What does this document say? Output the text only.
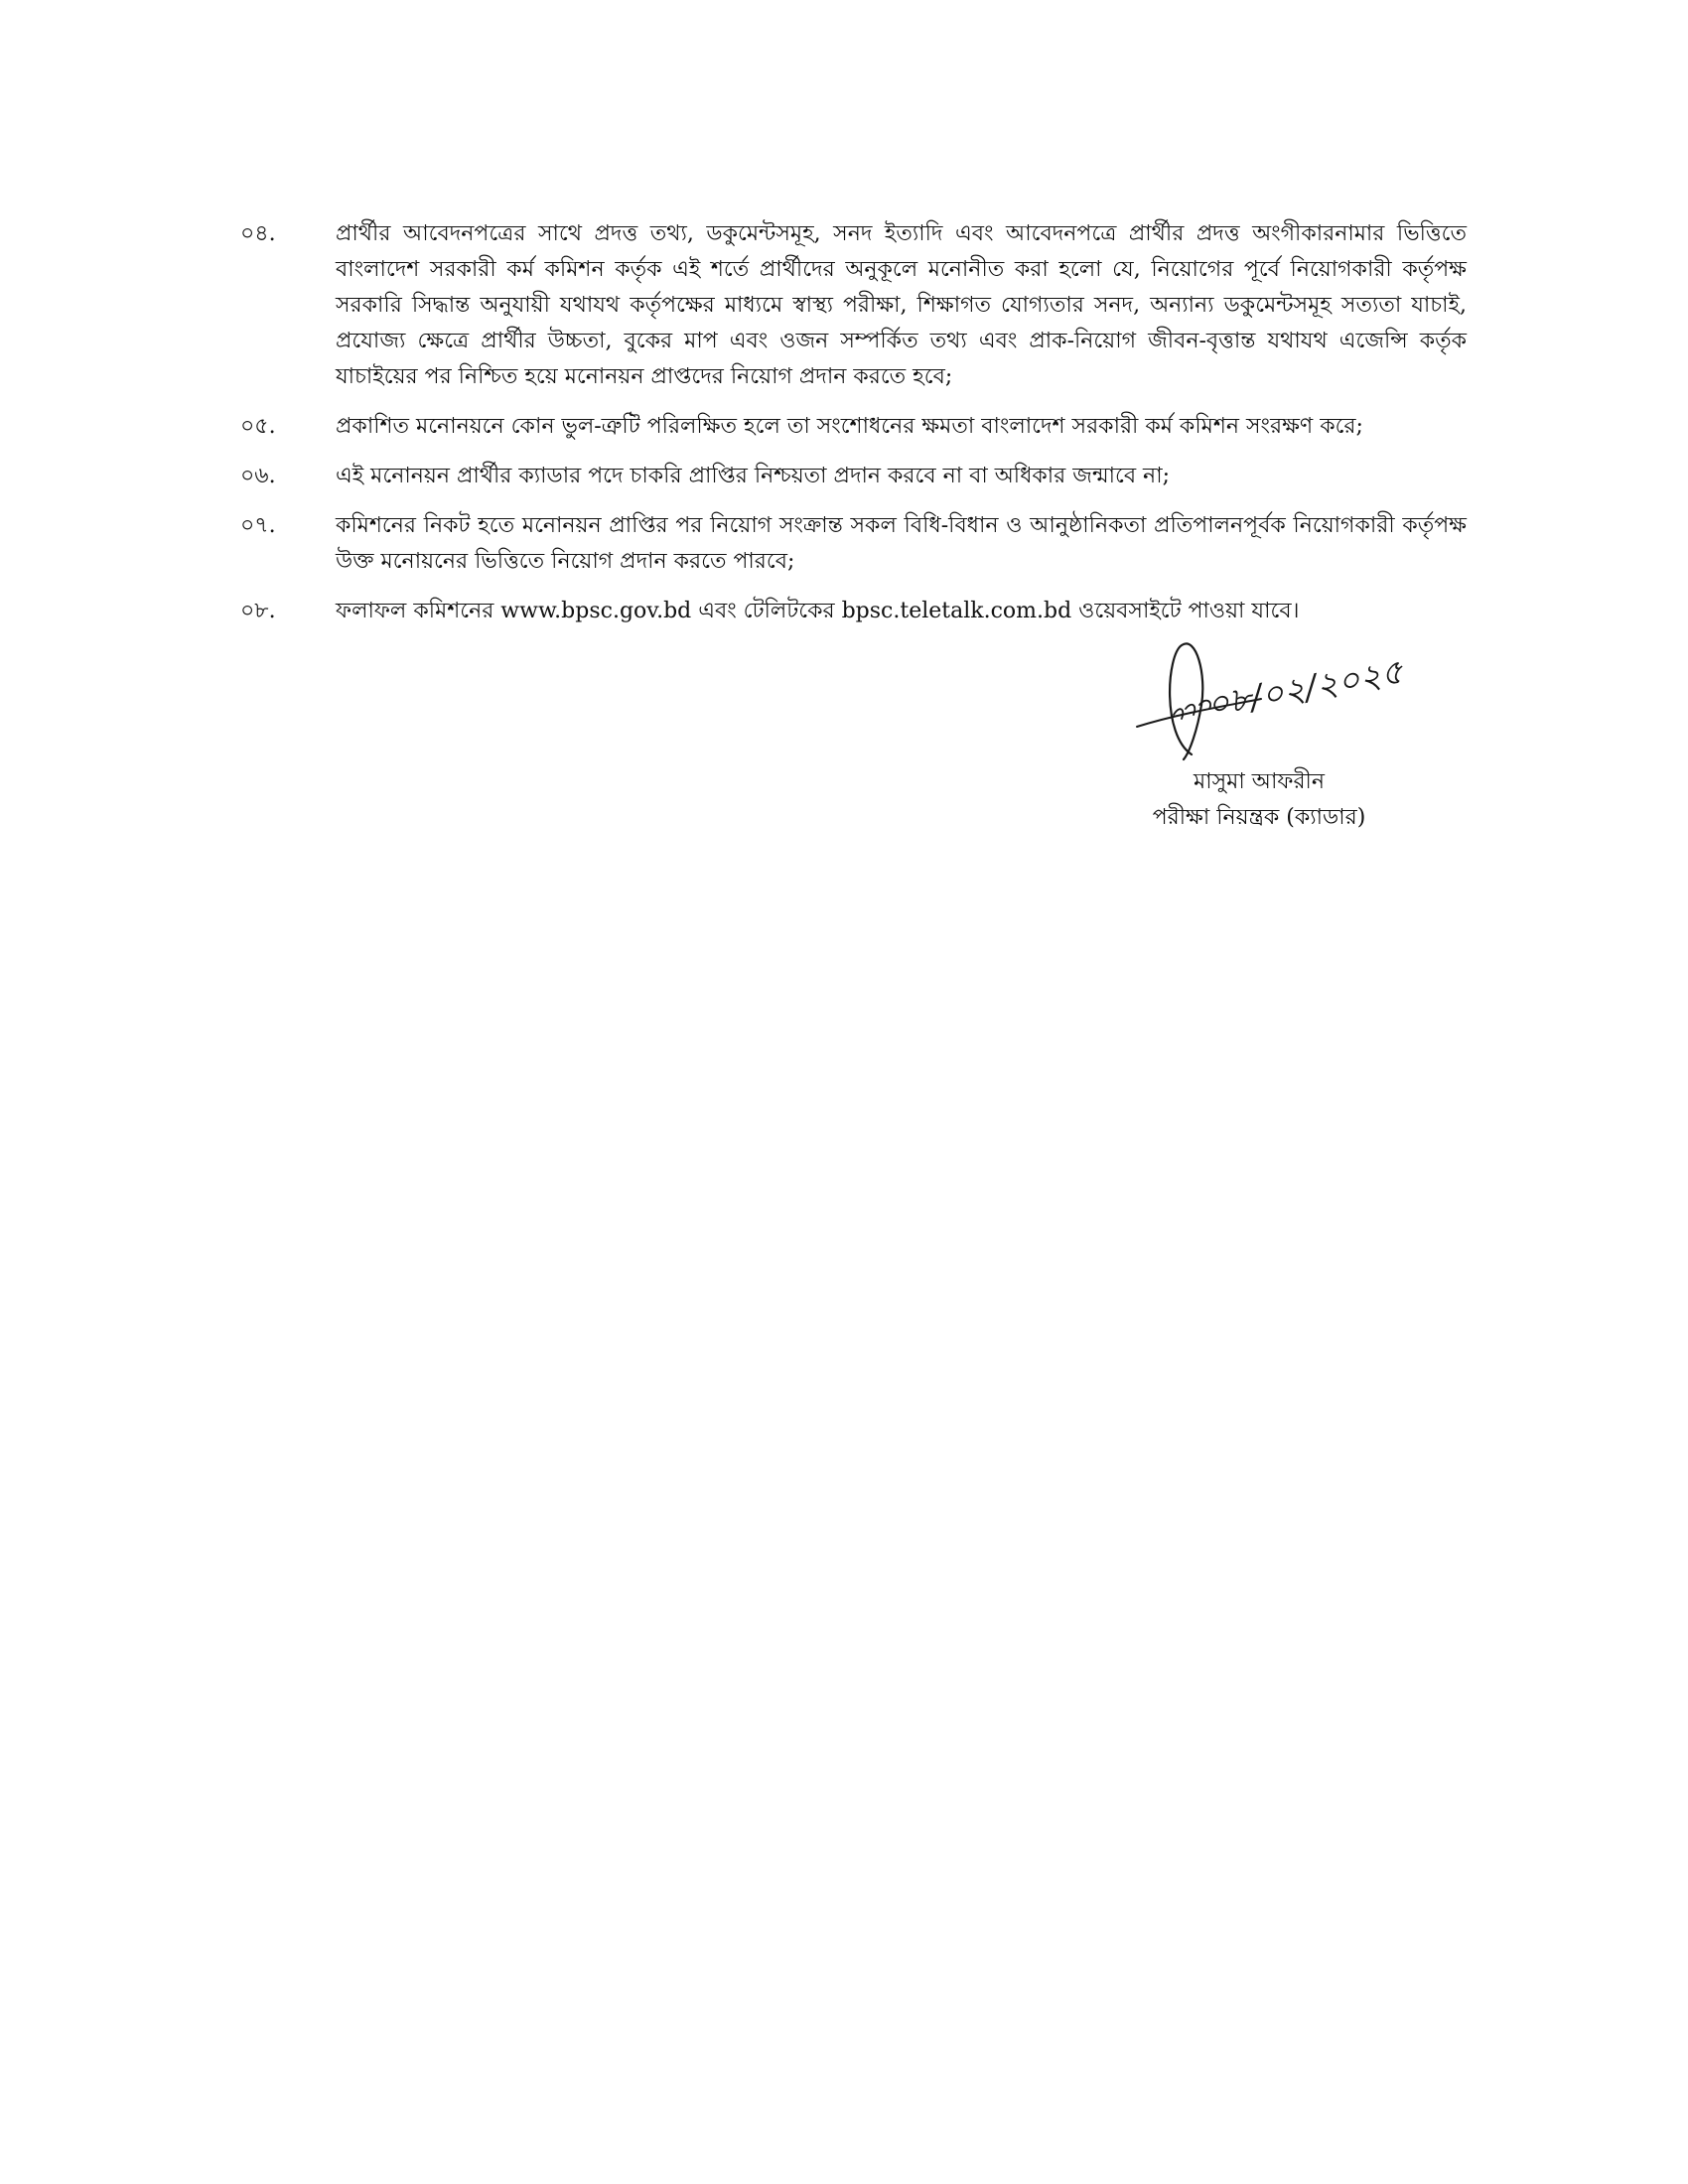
০৪.	প্রার্থীর আবেদনপত্রের সাথে প্রদত্ত তথ্য, ডকুমেন্টসমূহ, সনদ ইত্যাদি এবং আবেদনপত্রে প্রার্থীর প্রদত্ত অংগীকারনামার ভিত্তিতে বাংলাদেশ সরকারী কর্ম কমিশন কর্তৃক এই শর্তে প্রার্থীদের অনুকূলে মনোনীত করা হলো যে, নিয়োগের পূর্বে নিয়োগকারী কর্তৃপক্ষ সরকারি সিদ্ধান্ত অনুযায়ী যথাযথ কর্তৃপক্ষের মাধ্যমে স্বাস্থ্য পরীক্ষা, শিক্ষাগত যোগ্যতার সনদ, অন্যান্য ডকুমেন্টসমূহ সত্যতা যাচাই, প্রযোজ্য ক্ষেত্রে প্রার্থীর উচ্চতা, বুকের মাপ এবং ওজন সম্পর্কিত তথ্য এবং প্রাক-নিয়োগ জীবন-বৃত্তান্ত যথাযথ এজেন্সি কর্তৃক যাচাইয়ের পর নিশ্চিত হয়ে মনোনয়ন প্রাপ্তদের নিয়োগ প্রদান করতে হবে;
০৫.	প্রকাশিত মনোনয়নে কোন ভুল-ত্রুটি পরিলক্ষিত হলে তা সংশোধনের ক্ষমতা বাংলাদেশ সরকারী কর্ম কমিশন সংরক্ষণ করে;
০৬.	এই মনোনয়ন প্রার্থীর ক্যাডার পদে চাকরি প্রাপ্তির নিশ্চয়তা প্রদান করবে না বা অধিকার জন্মাবে না;
০৭.	কমিশনের নিকট হতে মনোনয়ন প্রাপ্তির পর নিয়োগ সংক্রান্ত সকল বিধি-বিধান ও আনুষ্ঠানিকতা প্রতিপালনপূর্বক নিয়োগকারী কর্তৃপক্ষ উক্ত মনোয়নের ভিত্তিতে নিয়োগ প্রদান করতে পারবে;
০৮.	ফলাফল কমিশনের www.bpsc.gov.bd এবং টেলিটকের bpsc.teletalk.com.bd ওয়েবসাইটে পাওয়া যাবে।
০৮/০২/২০২৫
মাসুমা আফরীন
পরীক্ষা নিয়ন্ত্রক (ক্যাডার)
